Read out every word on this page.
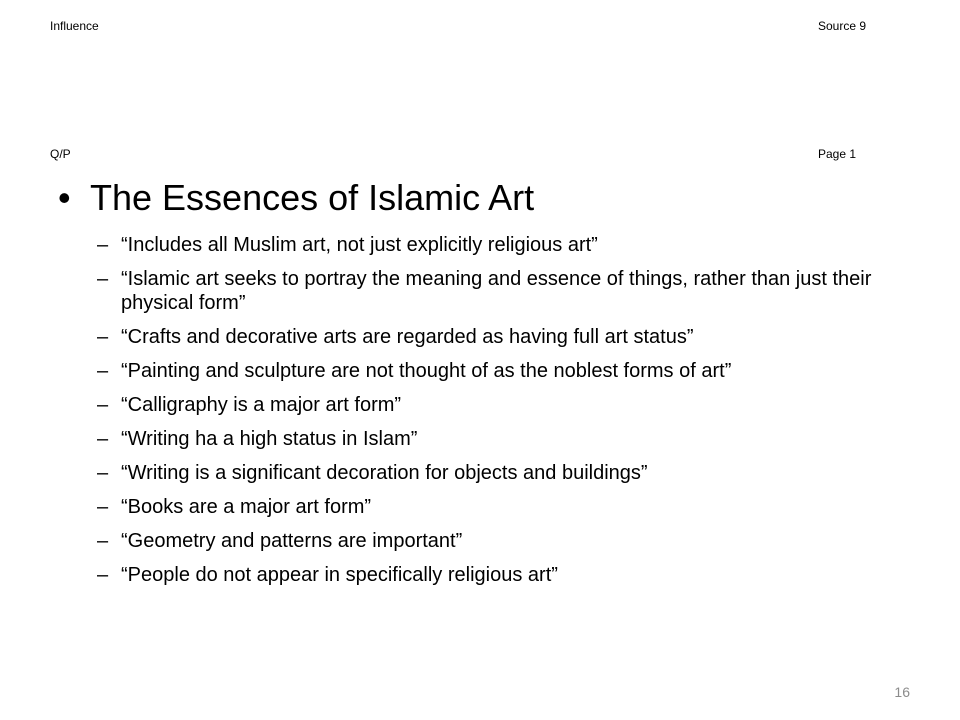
Influence	Source 9
Q/P	Page 1
• The Essences of Islamic Art
– “Includes all Muslim art, not just explicitly religious art”
– “Islamic art seeks to portray the meaning and essence of things, rather than just their physical form”
– “Crafts and decorative arts are regarded as having full art status”
– “Painting and sculpture are not thought of as the noblest forms of art”
– “Calligraphy is a major art form”
– “Writing ha a high status in Islam”
– “Writing is a significant decoration for objects and buildings”
– “Books are a major art form”
– “Geometry and patterns are important”
– “People do not appear in specifically religious art”
16
